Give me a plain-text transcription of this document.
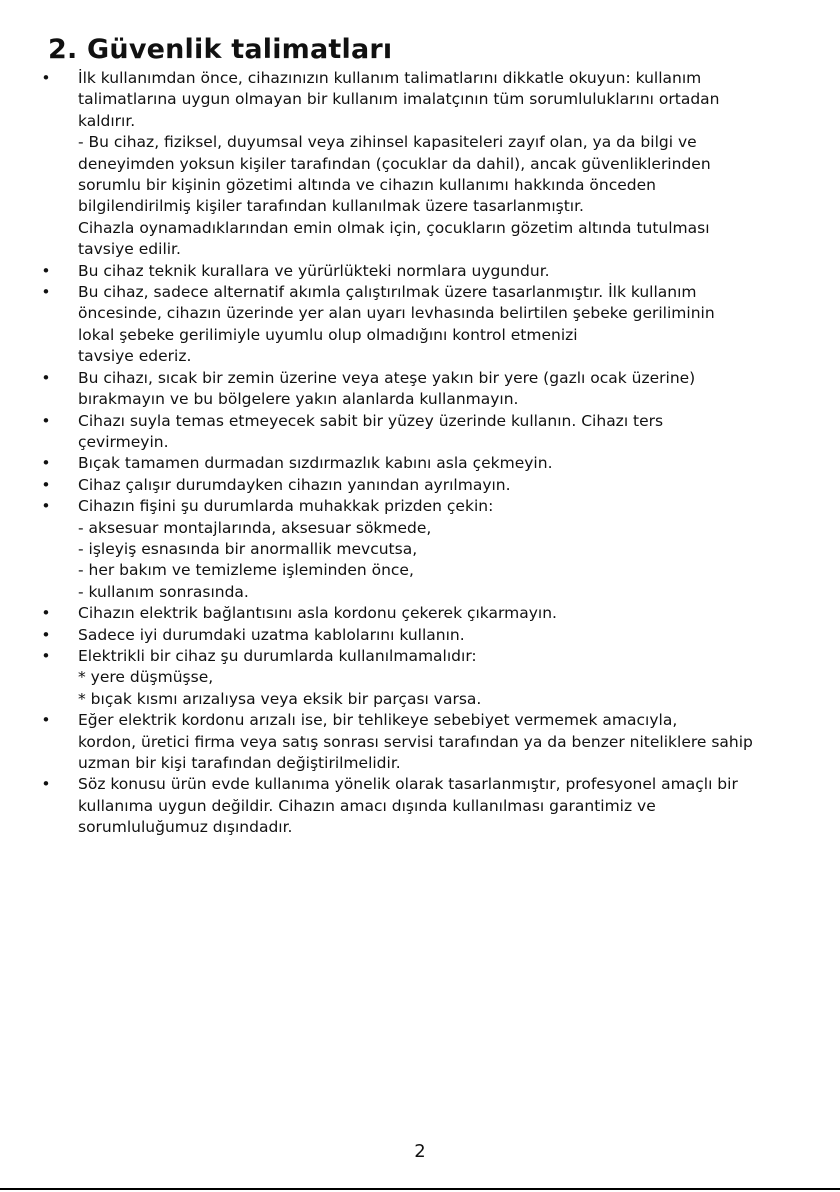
2. Güvenlik talimatları
•	İlk kullanımdan önce, cihazınızın kullanım talimatlarını dikkatle okuyun: kullanım
talimatlarına uygun olmayan bir kullanım imalatçının tüm sorumluluklarını ortadan
kaldırır.
- Bu cihaz, fiziksel, duyumsal veya zihinsel kapasiteleri zayıf olan, ya da bilgi ve
deneyimden yoksun kişiler tarafından (çocuklar da dahil), ancak güvenliklerinden
sorumlu bir kişinin gözetimi altında ve cihazın kullanımı hakkında önceden
bilgilendirilmiş kişiler tarafından kullanılmak üzere tasarlanmıştır.
Cihazla oynamadıklarından emin olmak için, çocukların gözetim altında tutulması
tavsiye edilir.
•	Bu cihaz teknik kurallara ve yürürlükteki normlara uygundur.
•	Bu cihaz, sadece alternatif akımla çalıştırılmak üzere tasarlanmıştır. İlk kullanım
öncesinde, cihazın üzerinde yer alan uyarı levhasında belirtilen şebeke geriliminin
lokal şebeke gerilimiyle uyumlu olup olmadığını kontrol etmenizi
tavsiye ederiz.
•	Bu cihazı, sıcak bir zemin üzerine veya ateşe yakın bir yere (gazlı ocak üzerine)
bırakmayın ve bu bölgelere yakın alanlarda kullanmayın.
•	Cihazı suyla temas etmeyecek sabit bir yüzey üzerinde kullanın. Cihazı ters
çevirmeyin.
•	Bıçak tamamen durmadan sızdırmazlık kabını asla çekmeyin.
•	Cihaz çalışır durumdayken cihazın yanından ayrılmayın.
•	Cihazın fişini şu durumlarda muhakkak prizden çekin:
- aksesuar montajlarında, aksesuar sökmede,
- işleyiş esnasında bir anormallik mevcutsa,
- her bakım ve temizleme işleminden önce,
- kullanım sonrasında.
•	Cihazın elektrik bağlantısını asla kordonu çekerek çıkarmayın.
•	Sadece iyi durumdaki uzatma kablolarını kullanın.
•	Elektrikli bir cihaz şu durumlarda kullanılmamalıdır:
* yere düşmüşse,
* bıçak kısmı arızalıysa veya eksik bir parçası varsa.
•	Eğer elektrik kordonu arızalı ise, bir tehlikeye sebebiyet vermemek amacıyla,
kordon, üretici firma veya satış sonrası servisi tarafından ya da benzer niteliklere sahip
uzman bir kişi tarafından değiştirilmelidir.
•	Söz konusu ürün evde kullanıma yönelik olarak tasarlanmıştır, profesyonel amaçlı bir
kullanıma uygun değildir. Cihazın amacı dışında kullanılması garantimiz ve
sorumluluğumuz dışındadır.
2
